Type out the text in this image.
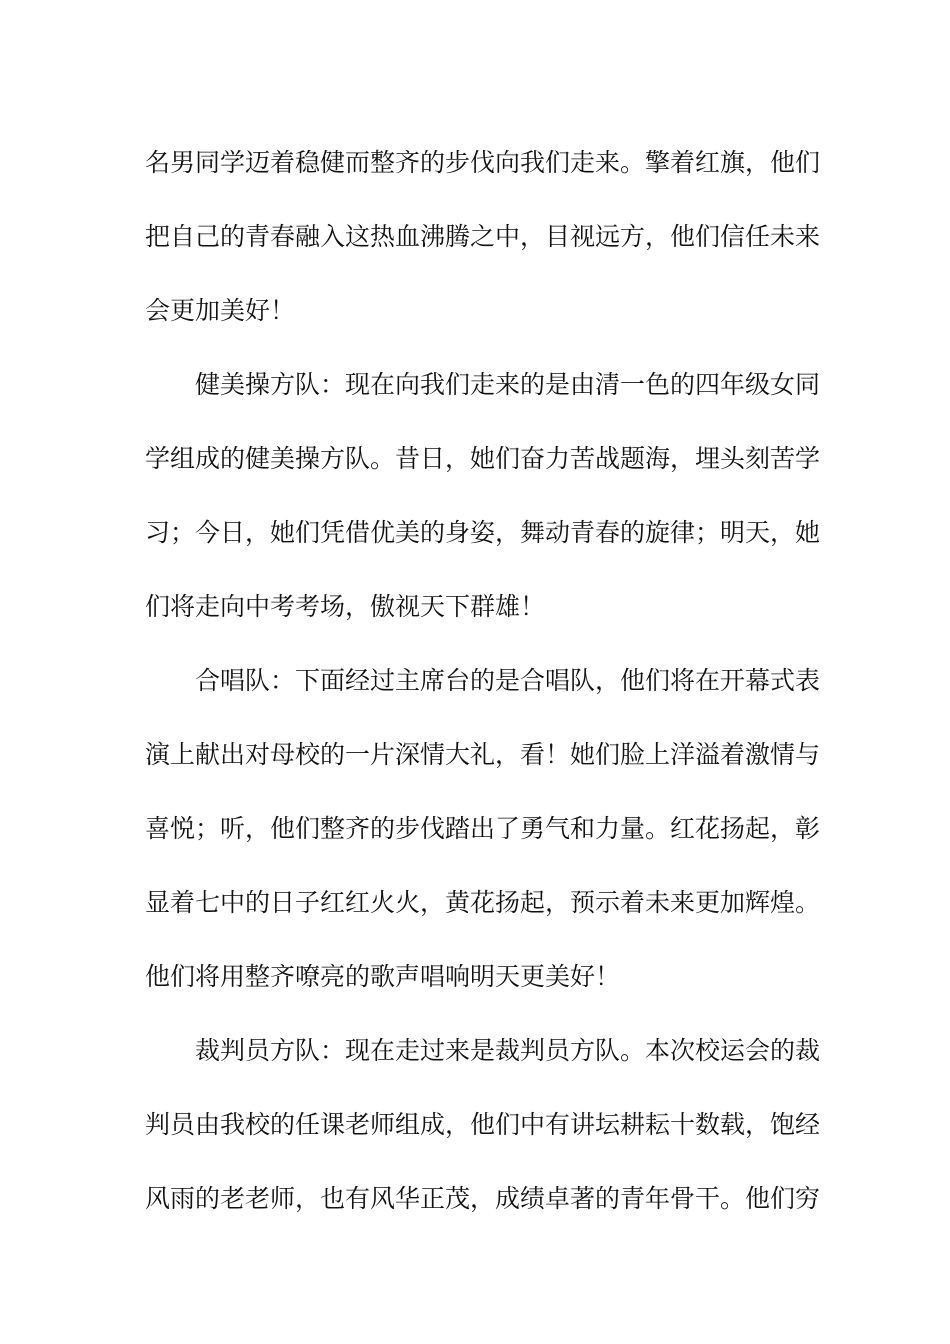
名男同学迈着稳健而整齐的步伐向我们走来。擎着红旗，他们
把自己的青春融入这热血沸腾之中，目视远方，他们信任未来
会更加美好！
健美操方队：现在向我们走来的是由清一色的四年级女同
学组成的健美操方队。昔日，她们奋力苦战题海，埋头刻苦学
习；今日，她们凭借优美的身姿，舞动青春的旋律；明天，她
们将走向中考考场，傲视天下群雄！
合唱队：下面经过主席台的是合唱队，他们将在开幕式表
演上献出对母校的一片深情大礼，看！她们脸上洋溢着激情与
喜悦；听，他们整齐的步伐踏出了勇气和力量。红花扬起，彰
显着七中的日子红红火火，黄花扬起，预示着未来更加辉煌。
他们将用整齐嘹亮的歌声唱响明天更美好！
裁判员方队：现在走过来是裁判员方队。本次校运会的裁
判员由我校的任课老师组成，他们中有讲坛耕耘十数载，饱经
风雨的老老师，也有风华正茂，成绩卓著的青年骨干。他们穷
